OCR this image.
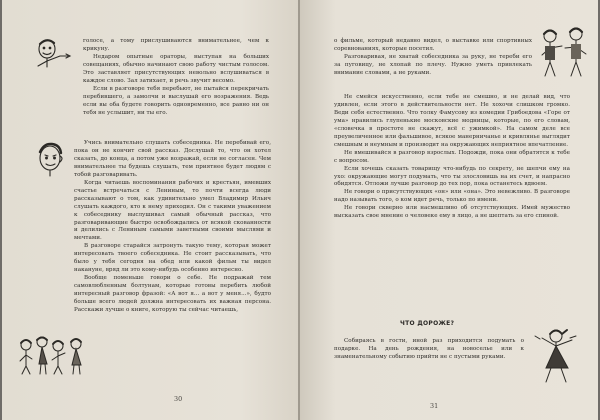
голосе, а тому прислушиваются внимательнее, чем к крикуну.

Недаром опытные ораторы, выступая на больших совещаниях, обычно начинают свою работу чистым голосом. Это заставляет присутствующих невольно вслушиваться в каждое слово. Зал затихает, и речь звучит весомо.

Если в разговоре тебя перебьют, не пытайся перекричать перебившего, а замолчи и выслушай его возражения. Ведь если вы оба будете говорить одновременно, все равно ни он тебя не услышит, ни ты его.

Учись внимательно слушать собеседника. Не перебивай его, пока он не кончит свой рассказ. Дослушай то, что он хотел сказать, до конца, а потом уже возражай, если не согласен. Чем внимательнее ты будешь слушать, тем приятнее будет людям с тобой разговаривать.

Когда читаешь воспоминания рабочих и крестьян, имевших счастье встречаться с Лениным, то почти всегда люди рассказывают о том, как удивительно умел Владимир Ильич слушать каждого, кто к нему приходил. Он с такими уважением к собеседнику выслушивал самый обычный рассказ, что разговаривающие быстро освобождались от всякой скованности и делились с Лениным самыми заветными своими мыслями и мечтами.

В разговоре старайся затронуть такую тему, которая может интересовать твоего собеседника. Не стоит рассказывать, что было у тебя сегодня на обед или какой фильм ты видел накануне, вряд ли это кому-нибудь особенно интересно.

Вообще поменьше говори о себе. Не подражай тем самовлюбленным болтунам, которые готовы перебить любой интересный разговор фразой: «А вот я... а вот у меня...», будто больше всего людей должна интересовать их важная персона. Расскажи лучше о книге, которую ты сейчас читаешь,

30

о фильме, который недавно видел, о выставке или спортивных соревнованиях, которые посетил.

Разговаривая, не хватай собеседника за руку, не тереби его за пуговицу, не хлопай по плечу. Нужно уметь привлекать внимание словами, а не руками.

Не смейся искусственно, если тебе не смешно, и не делай вид, что удивлен, если этого в действительности нет. Не хохочи слишком громко. Веди себя естественно. Что толку Фамусову из комедии Грибоедова «Горе от ума» нравились глупенькие московские модницы, которые, по его словам, «словечка в простоте не скажут, всё с ужимкой». На самом деле все преувеличенное или фальшивое, всякое манерничанье и кривлянье выглядит смешным и неумным и производит на окружающих неприятное впечатление.

Не вмешивайся в разговор взрослых. Подожди, пока они обратятся к тебе с вопросом.

Если хочешь сказать товарищу что-нибудь по секрету, не шепчи ему на ухо: окружающие могут подумать, что ты злословишь на их счет, и напрасно обидятся. Отложи лучше разговор до тех пор, пока останетесь вдвоем.

Не говори о присутствующих «он» или «она». Это невежливо. В разговоре надо называть того, о ком идет речь, только по имени.

Не говори скверно или насмешливо об отсутствующих. Имей мужество высказать свое мнение о человеке ему в лицо, а не шептать за его спиной.

ЧТО ДОРОЖЕ?

Собираясь в гости, иной раз приходится подумать о подарке. На день рождения, на новоселье или к знаменательному событию прийти не с пустыми руками.

31
